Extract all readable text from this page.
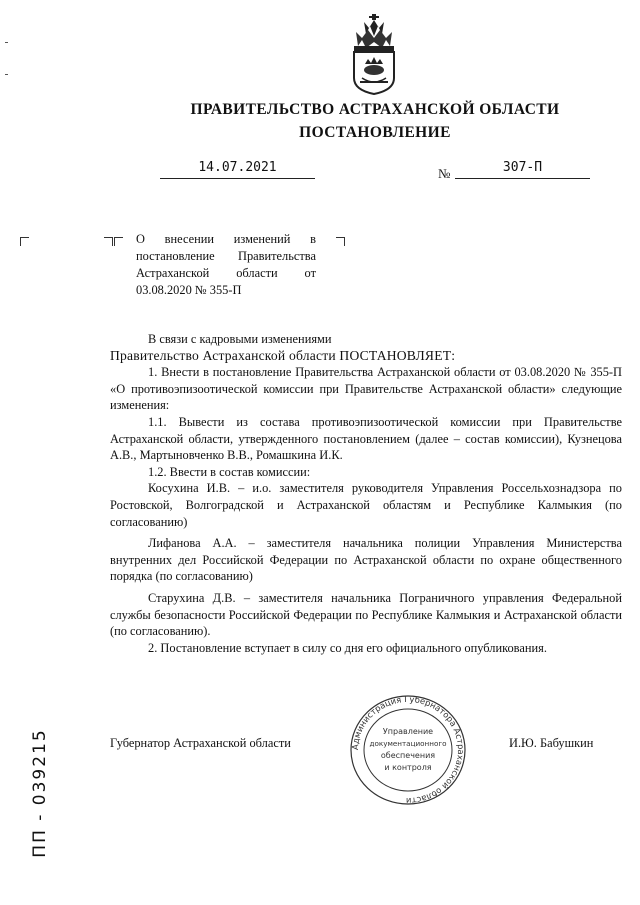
ПРАВИТЕЛЬСТВО АСТРАХАНСКОЙ ОБЛАСТИ
ПОСТАНОВЛЕНИЕ
14.07.2021	№	307-П
О внесении изменений в постановление Правительства Астраханской области от 03.08.2020 № 355-П

В связи с кадровыми изменениями

Правительство Астраханской области ПОСТАНОВЛЯЕТ:

1. Внести в постановление Правительства Астраханской области от 03.08.2020 № 355-П «О противоэпизоотической комиссии при Правительстве Астраханской области» следующие изменения:

1.1. Вывести из состава противоэпизоотической комиссии при Правительстве Астраханской области, утвержденного постановлением (далее – состав комиссии), Кузнецова А.В., Мартыновченко В.В., Ромашкина И.К.

1.2. Ввести в состав комиссии:

Косухина И.В. – и.о. заместителя руководителя Управления Россельхознадзора по Ростовской, Волгоградской и Астраханской областям и Республике Калмыкия (по согласованию)

Лифанова А.А. – заместителя начальника полиции Управления Министерства внутренних дел Российской Федерации по Астраханской области по охране общественного порядка (по согласованию)

Старухина Д.В. – заместителя начальника Пограничного управления Федеральной службы безопасности Российской Федерации по Республике Калмыкия и Астраханской области (по согласованию).

2. Постановление вступает в силу со дня его официального опубликования.

Губернатор Астраханской области	И.Ю. Бабушкин
Администрация Губернатора Астраханской области
Управление
документационного
обеспечения
и контроля
ПП - 039215
